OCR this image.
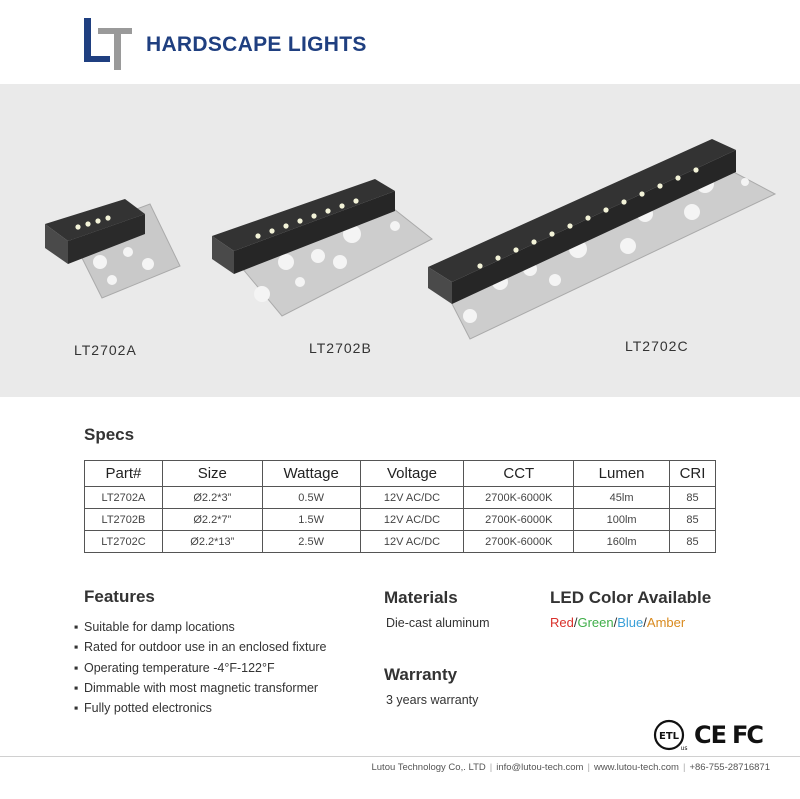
HARDSCAPE LIGHTS
LT2702A	LT2702B	LT2702C
Specs
Part#	Size	Wattage	Voltage	CCT	Lumen	CRI
LT2702A	Ø2.2*3”	0.5W	12V AC/DC	2700K-6000K	45lm	85
LT2702B	Ø2.2*7”	1.5W	12V AC/DC	2700K-6000K	100lm	85
LT2702C	Ø2.2*13”	2.5W	12V AC/DC	2700K-6000K	160lm	85
Features
▪ Suitable for damp locations
▪ Rated for outdoor use in an enclosed fixture
▪ Operating temperature -4°F-122°F
▪ Dimmable with most magnetic transformer
▪ Fully potted electronics
Materials
Die-cast aluminum
Warranty
3 years warranty
LED Color Available
Red/Green/Blue/Amber
ETL
us CE FC
Lutou Technology Co,. LTD | info@lutou-tech.com | www.lutou-tech.com | +86-755-28716871
